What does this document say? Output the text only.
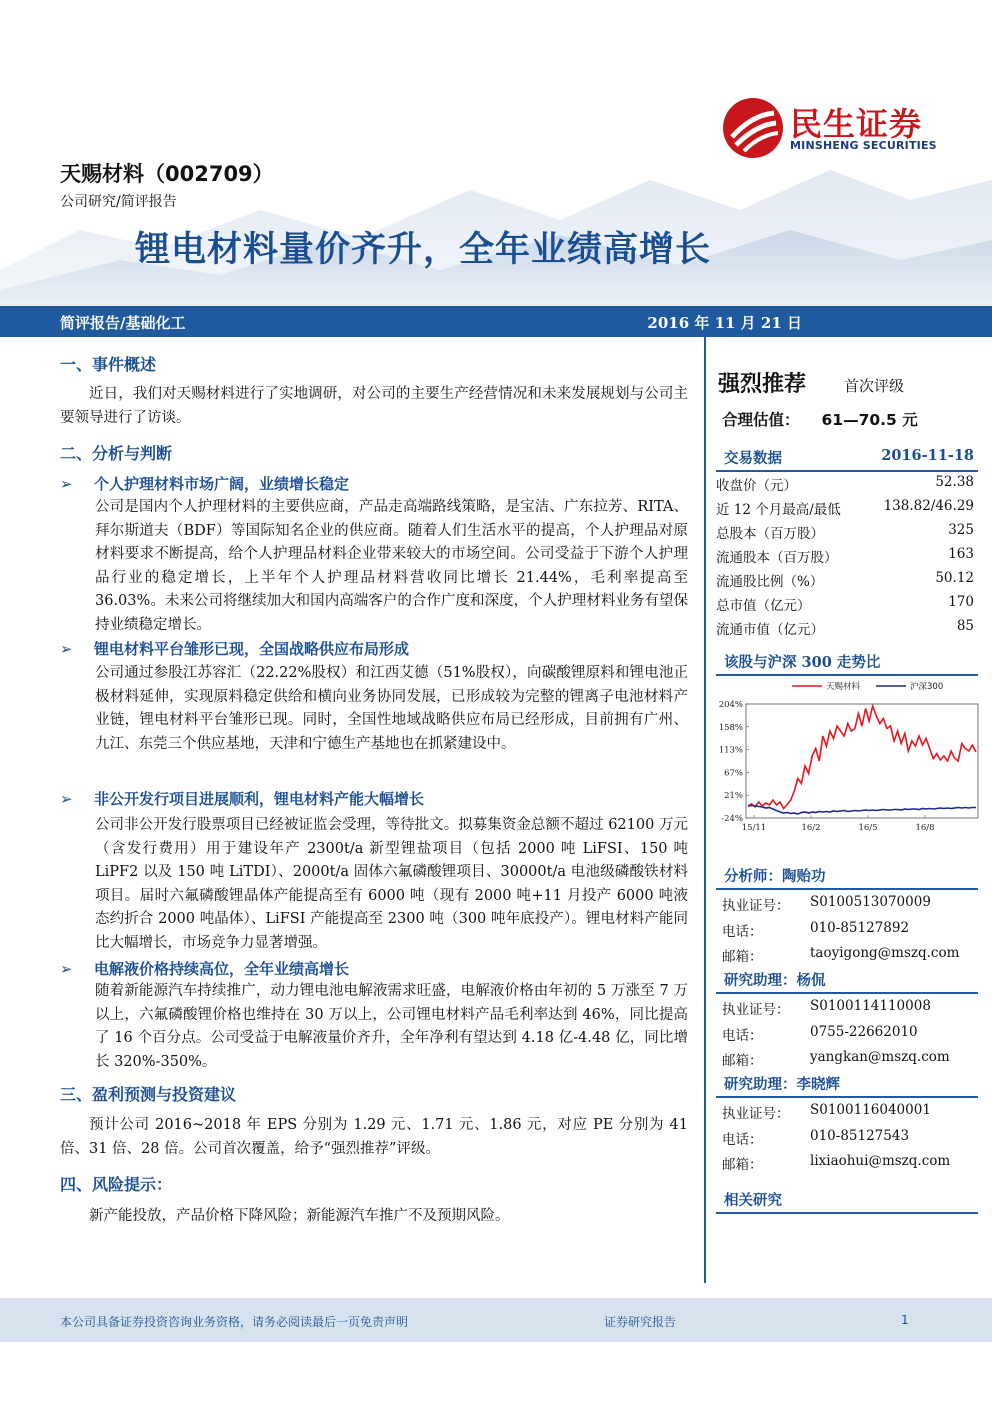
民生证券
MINSHENG SECURITIES
天赐材料（002709）
公司研究/简评报告
锂电材料量价齐升，全年业绩高增长
简评报告/基础化工	2016 年 11 月 21 日
一、事件概述

近日，我们对天赐材料进行了实地调研，对公司的主要生产经营情况和未来发展规划与公司主要领导进行了访谈。

二、分析与判断
➢ 个人护理材料市场广阔，业绩增长稳定
公司是国内个人护理材料的主要供应商，产品走高端路线策略，是宝洁、广东拉芳、RITA、拜尔斯道夫（BDF）等国际知名企业的供应商。随着人们生活水平的提高，个人护理品对原材料要求不断提高，给个人护理品材料企业带来较大的市场空间。公司受益于下游个人护理品行业的稳定增长，上半年个人护理品材料营收同比增长 21.44%，毛利率提高至 36.03%。未来公司将继续加大和国内高端客户的合作广度和深度，个人护理材料业务有望保持业绩稳定增长。
➢ 锂电材料平台雏形已现，全国战略供应布局形成
公司通过参股江苏容汇（22.22%股权）和江西艾德（51%股权），向碳酸锂原料和锂电池正极材料延伸，实现原料稳定供给和横向业务协同发展，已形成较为完整的锂离子电池材料产业链，锂电材料平台雏形已现。同时，全国性地域战略供应布局已经形成，目前拥有广州、九江、东莞三个供应基地，天津和宁德生产基地也在抓紧建设中。
➢ 非公开发行项目进展顺利，锂电材料产能大幅增长
公司非公开发行股票项目已经被证监会受理，等待批文。拟募集资金总额不超过 62100 万元（含发行费用）用于建设年产 2300t/a 新型锂盐项目（包括 2000 吨 LiFSI、150 吨 LiPF2 以及 150 吨 LiTDI）、2000t/a 固体六氟磷酸锂项目、30000t/a 电池级磷酸铁材料项目。届时六氟磷酸锂晶体产能提高至有 6000 吨（现有 2000 吨+11 月投产 6000 吨液态约折合 2000 吨晶体）、LiFSI 产能提高至 2300 吨（300 吨年底投产）。锂电材料产能同比大幅增长，市场竞争力显著增强。
➢ 电解液价格持续高位，全年业绩高增长
随着新能源汽车持续推广，动力锂电池电解液需求旺盛，电解液价格由年初的 5 万涨至 7 万以上，六氟磷酸锂价格也维持在 30 万以上，公司锂电材料产品毛利率达到 46%，同比提高了 16 个百分点。公司受益于电解液量价齐升，全年净利有望达到 4.18 亿-4.48 亿，同比增长 320%-350%。
三、盈利预测与投资建议

预计公司 2016~2018 年 EPS 分别为 1.29 元、1.71 元、1.86 元，对应 PE 分别为 41 倍、31 倍、28 倍。公司首次覆盖，给予“强烈推荐”评级。

四、风险提示：

新产能投放，产品价格下降风险；新能源汽车推广不及预期风险。

强烈推荐	首次评级
合理估值： 61—70.5 元
交易数据	2016-11-18
收盘价（元）	52.38
近 12 个月最高/最低	138.82/46.29
总股本（百万股）	325
流通股本（百万股）	163
流通股比例（%）	50.12
总市值（亿元）	170
流通市值（亿元）	85
该股与沪深 300 走势比
204%
158%
113%
67%
21%
-24%
15/11	16/2	16/5	16/8
天赐材料	沪深300
分析师：陶贻功
执业证号： S0100513070009
电话：	010-85127892
邮箱：	taoyigong@mszq.com
研究助理：杨侃
执业证号： S0100114110008
电话：	0755-22662010
邮箱：	yangkan@mszq.com
研究助理：李晓辉
执业证号： S0100116040001
电话：	010-85127543
邮箱：	lixiaohui@mszq.com
相关研究
本公司具备证券投资咨询业务资格，请务必阅读最后一页免责声明	证券研究报告	1
